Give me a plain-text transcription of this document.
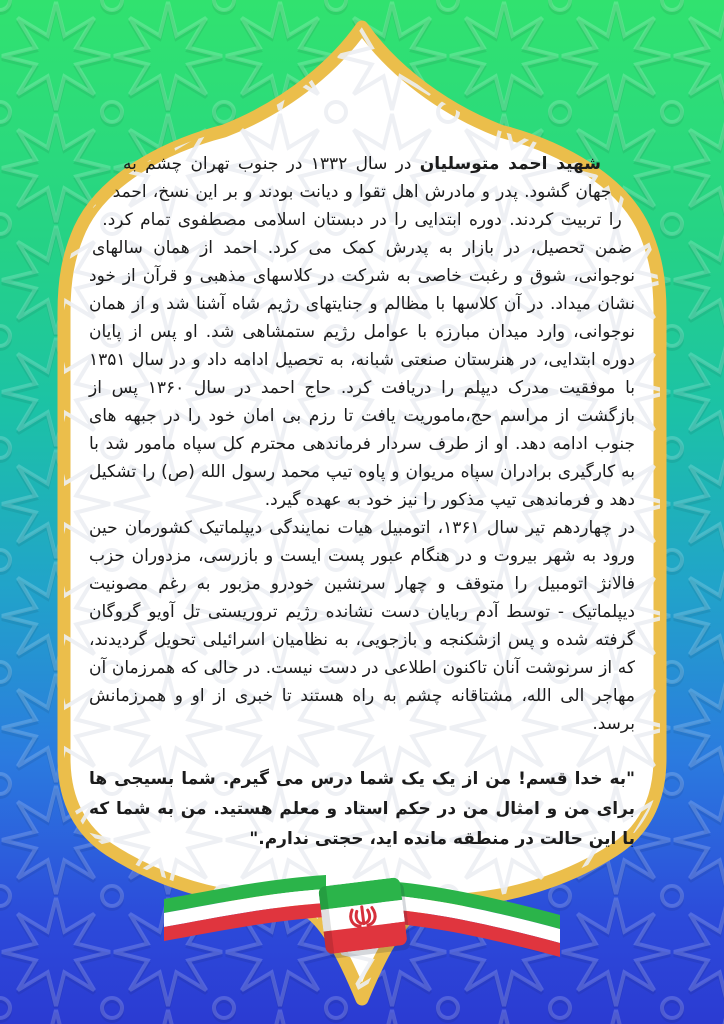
شهید احمد متوسلیان در سال ۱۳۳۲ در جنوب تهران چشم به جهان گشود. پدر و مادرش اهل تقوا و دیانت بودند و بر این نسخ، احمد را تربیت کردند. دوره ابتدایی را در دبستان اسلامی مصطفوی تمام کرد. ضمن تحصیل، در بازار به پدرش کمک می کرد. احمد از همان سالهای نوجوانی، شوق و رغبت خاصی به شرکت در کلاسهای مذهبی و قرآن از خود نشان میداد. در آن کلاسها با مظالم و جنایتهای رژیم شاه آشنا شد و از همان نوجوانی، وارد میدان مبارزه با عوامل رژیم ستمشاهی شد. او پس از پایان دوره ابتدایی، در هنرستان صنعتی شبانه، به تحصیل ادامه داد و در سال ۱۳۵۱ با موفقیت مدرک دیپلم را دریافت کرد. حاج احمد در سال ۱۳۶۰ پس از بازگشت از مراسم حج،ماموریت یافت تا رزم بی امان خود را در جبهه های جنوب ادامه دهد. او از طرف سردار فرماندهی محترم کل سپاه مامور شد با به کارگیری برادران سپاه مریوان و پاوه تیپ محمد رسول الله (ص) را تشکیل دهد و فرماندهی تیپ مذکور را نیز خود به عهده گیرد.

در چهاردهم تیر سال ۱۳۶۱، اتومبیل هیات نمایندگی دیپلماتیک کشورمان حین ورود به شهر بیروت و در هنگام عبور پست ایست و بازرسی، مزدوران حزب فالانژ اتومبیل را متوقف و چهار سرنشین خودرو مزبور به رغم مصونیت دیپلماتیک - توسط آدم ربایان دست نشانده رژیم تروریستی تل آویو گروگان گرفته شده و پس ازشکنجه و بازجویی، به نظامیان اسرائیلی تحویل گردیدند، که از سرنوشت آنان تاکنون اطلاعی در دست نیست. در حالی که همرزمان آن مهاجر الی الله، مشتاقانه چشم به راه هستند تا خبری از او و همرزمانش برسد.

"به خدا قسم! من از یک یک شما درس می گیرم. شما بسیجی ها برای من و امثال من در حکم استاد و معلم هستید. من به شما که با این حالت در منطقه مانده اید، حجتی ندارم."
